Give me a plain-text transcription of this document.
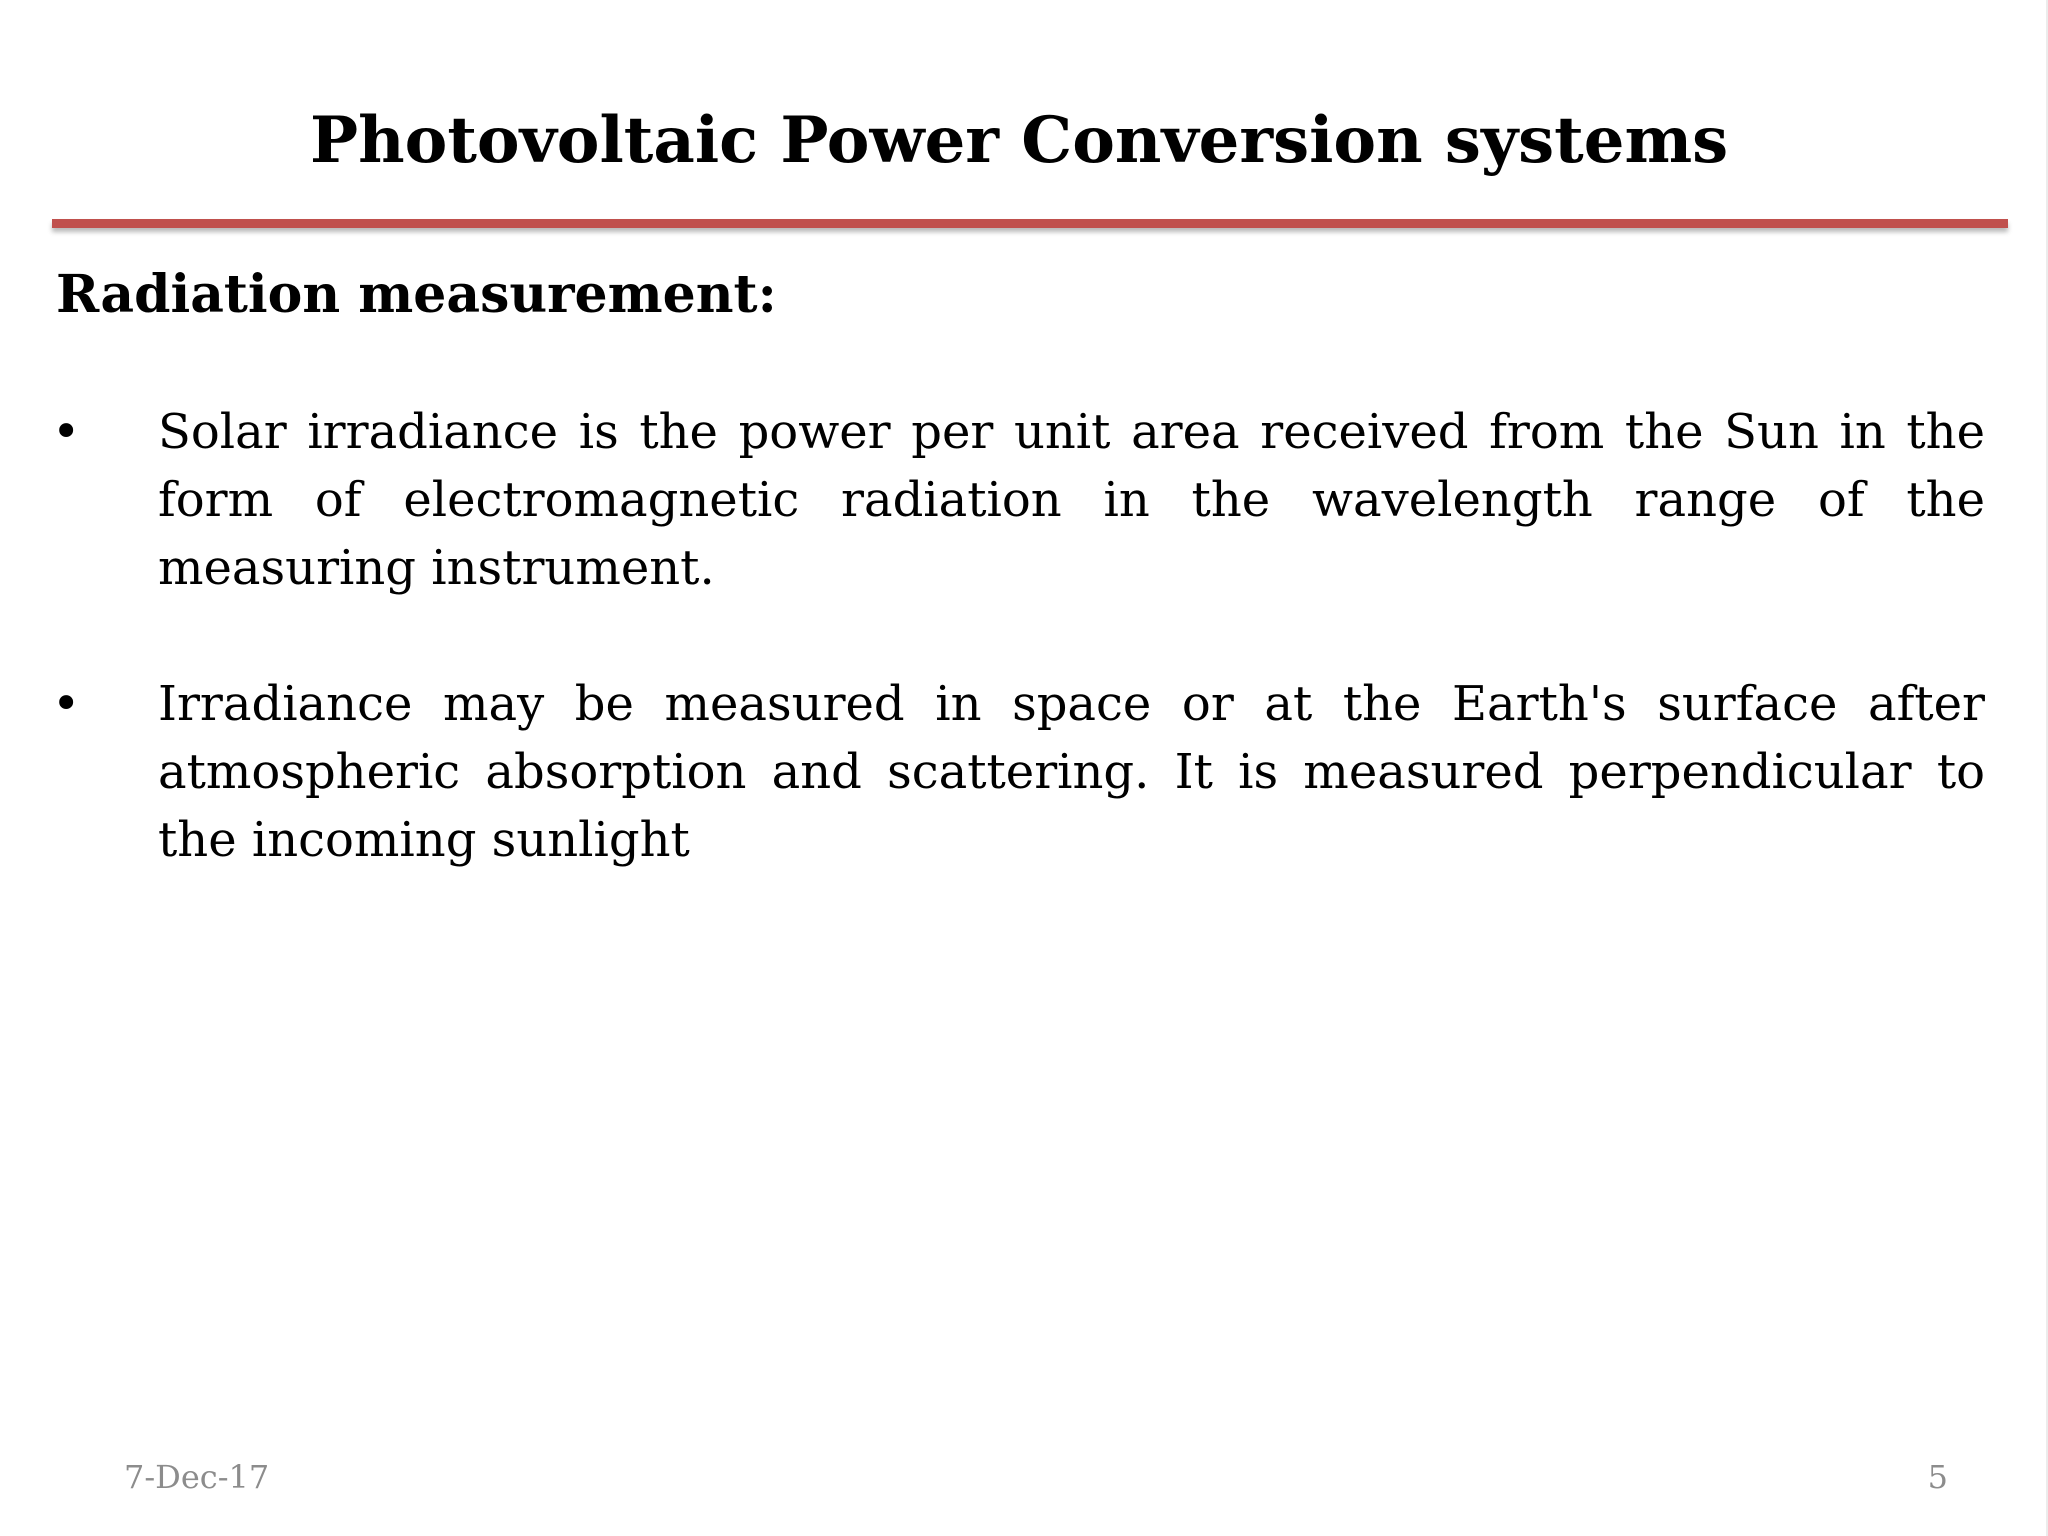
Photovoltaic Power Conversion systems
Radiation measurement:
• Solar irradiance is the power per unit area received from the Sun in the form of electromagnetic radiation in the wavelength range of the measuring instrument.
• Irradiance may be measured in space or at the Earth's surface after atmospheric absorption and scattering. It is measured perpendicular to the incoming sunlight
7-Dec-17	5
